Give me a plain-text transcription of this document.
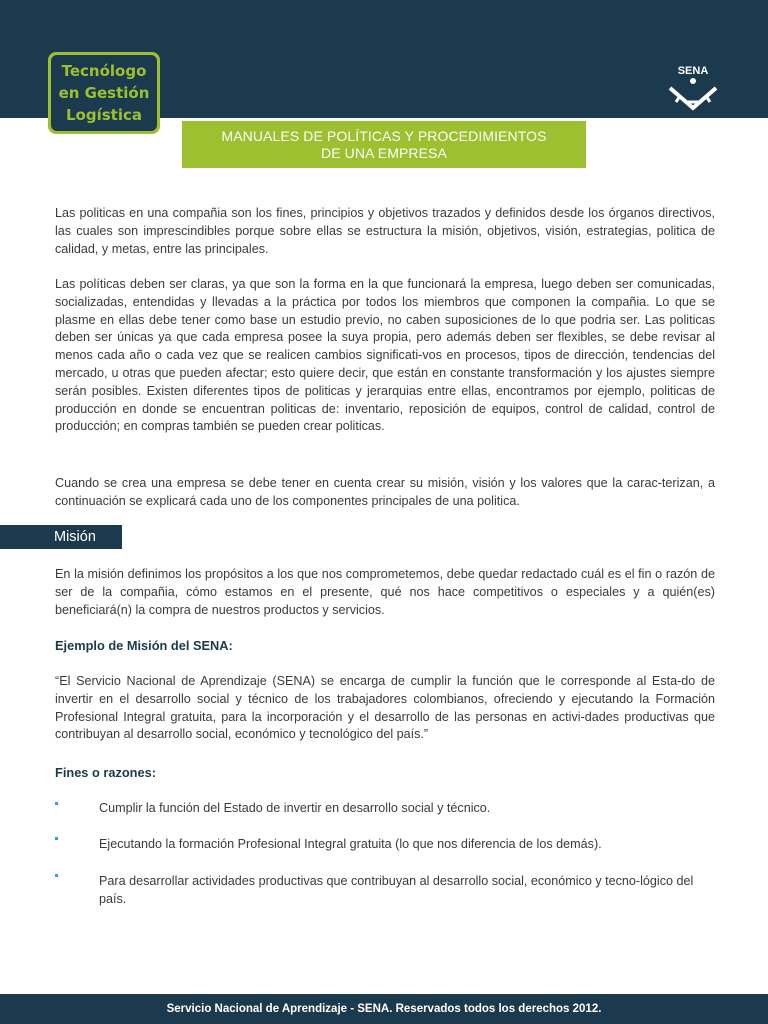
Tecnólogo
en Gestión
Logística
SENA
MANUALES DE POLÍTICAS Y PROCEDIMIENTOS
DE UNA EMPRESA

Las politicas en una compañia son los fines, principios y objetivos trazados y definidos desde los órganos directivos, las cuales son imprescindibles porque sobre ellas se estructura la misión, objetivos, visión, estrategias, politica de calidad, y metas, entre las principales.

Las políticas deben ser claras, ya que son la forma en la que funcionará la empresa, luego deben ser comunicadas, socializadas, entendidas y llevadas a la práctica por todos los miembros que componen la compañia. Lo que se plasme en ellas debe tener como base un estudio previo, no caben suposiciones de lo que podria ser. Las politicas deben ser únicas ya que cada empresa posee la suya propia, pero además deben ser flexibles, se debe revisar al menos cada año o cada vez que se realicen cambios significati-vos en procesos, tipos de dirección, tendencias del mercado, u otras que pueden afectar; esto quiere decir, que están en constante transformación y los ajustes siempre serán posibles. Existen diferentes tipos de politicas y jerarquias entre ellas, encontramos por ejemplo, politicas de producción en donde se encuentran politicas de: inventario, reposición de equipos, control de calidad, control de producción; en compras también se pueden crear politicas.

Cuando se crea una empresa se debe tener en cuenta crear su misión, visión y los valores que la carac-terizan, a continuación se explicará cada uno de los componentes principales de una politica.

Misión

En la misión definimos los propósitos a los que nos comprometemos, debe quedar redactado cuál es el fin o razón de ser de la compañia, cómo estamos en el presente, qué nos hace competitivos o especiales y a quién(es) beneficiará(n) la compra de nuestros productos y servicios.

Ejemplo de Misión del SENA:

“El Servicio Nacional de Aprendizaje (SENA) se encarga de cumplir la función que le corresponde al Esta-do de invertir en el desarrollo social y técnico de los trabajadores colombianos, ofreciendo y ejecutando la Formación Profesional Integral gratuita, para la incorporación y el desarrollo de las personas en activi-dades productivas que contribuyan al desarrollo social, económico y tecnológico del país.”

Fines o razones:

Cumplir la función del Estado de invertir en desarrollo social y técnico.

Ejecutando la formación Profesional Integral gratuita (lo que nos diferencia de los demás).

Para desarrollar actividades productivas que contribuyan al desarrollo social, económico y tecno-lógico del país.

Servicio Nacional de Aprendizaje - SENA. Reservados todos los derechos 2012.
